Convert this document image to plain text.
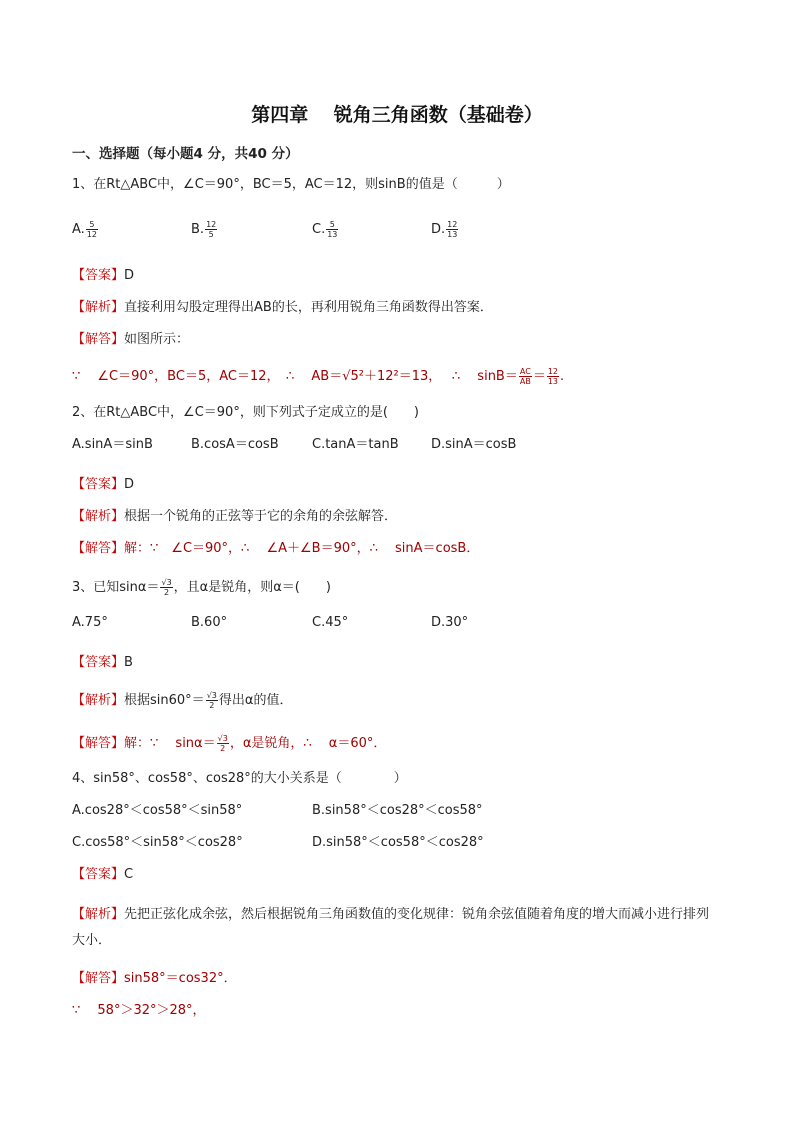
第四章　 锐角三角函数（基础卷）
一、选择题（每小题4 分，共40 分）
1、在Rt△ABC中，∠C＝90°，BC＝5，AC＝12，则sinB的值是（　　　）
A. $\frac{5}{12}$	B. $\frac{12}{5}$	C. $\frac{5}{13}$	D. $\frac{12}{13}$
【答案】D
【解析】直接利用勾股定理得出AB的长，再利用锐角三角函数得出答案．
【解答】如图所示：
∵　 ∠C＝90°，BC＝5，AC＝12，　∴　 AB＝√5²＋12²＝13，　 ∴　 $\sin B= \frac{AC}{AB} = \frac{12}{13}$ .
2、在Rt△ABC中，∠C＝90°，则下列式子定成立的是(　　)
A.sinA＝sinB	B.cosA＝cosB	C.tanA＝tanB D.sinA＝cosB
【答案】D
【解析】根据一个锐角的正弦等于它的余角的余弦解答．
【解答】解：∵　∠C＝90°，∴　 ∠A＋∠B＝90°，∴　 sinA＝cosB．
3、已知$\sin\alpha= \frac{√3}{2}$ ，且α是锐角，则α＝(　　)
A.75°	B.60°	C.45°	D.30°
【答案】B
【解析】根据$\sin 60^\circ= \frac{√3}{2}$ 得出α的值．
【解答】解：∵　 $\sin\alpha= \frac{√3}{2}$ ，α是锐角，∴　 α＝60°．
4、sin58°、cos58°、cos28°的大小关系是（　　　　）
A.cos28°＜cos58°＜sin58°	B.sin58°＜cos28°＜cos58°
C.cos58°＜sin58°＜cos28°	D.sin58°＜cos58°＜cos28°
【答案】C
【解析】先把正弦化成余弦，然后根据锐角三角函数值的变化规律：锐角余弦值随着角度的增大而减小进行排列大小．
【解答】sin58°＝cos32°．
∵　 58°＞32°＞28°，
